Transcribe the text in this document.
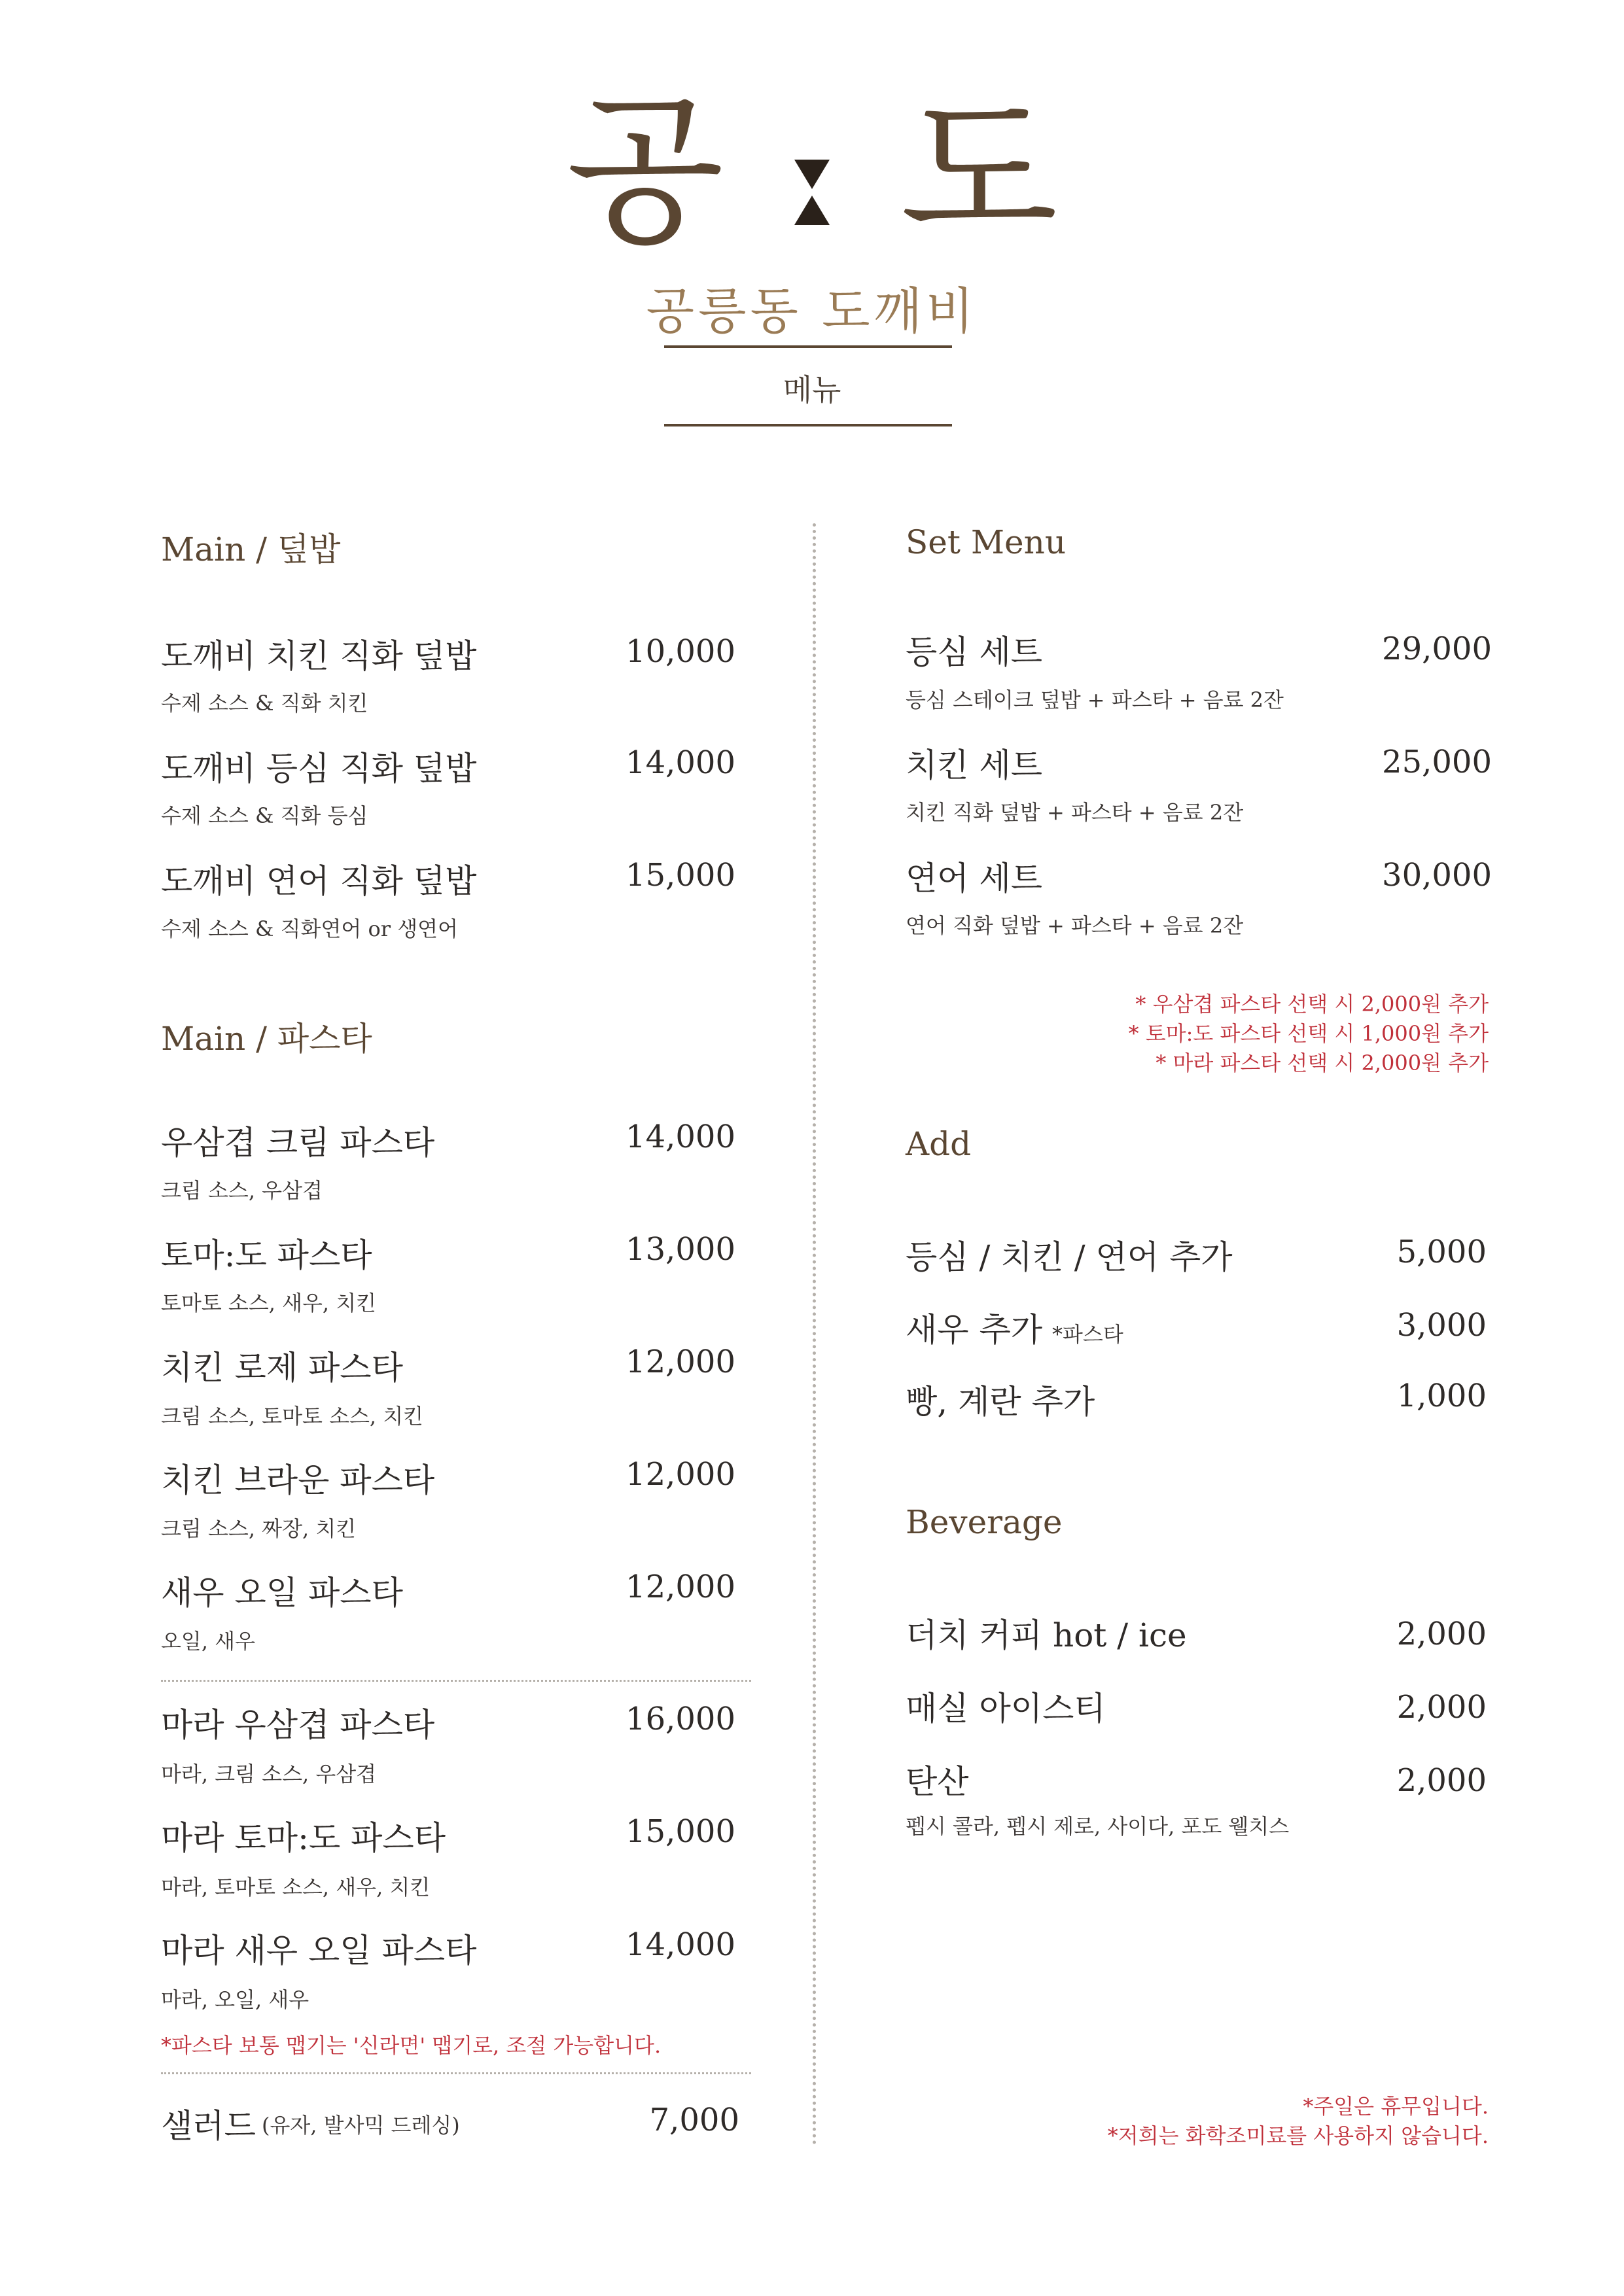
공 도
공릉동 도깨비
메뉴
Main / 덮밥
도깨비 치킨 직화 덮밥	10,000
수제 소스 & 직화 치킨
도깨비 등심 직화 덮밥	14,000
수제 소스 & 직화 등심
도깨비 연어 직화 덮밥	15,000
수제 소스 & 직화연어 or 생연어
Main / 파스타
우삼겹 크림 파스타	14,000
크림 소스, 우삼겹
토마:도 파스타	13,000
토마토 소스, 새우, 치킨
치킨 로제 파스타	12,000
크림 소스, 토마토 소스, 치킨
치킨 브라운 파스타	12,000
크림 소스, 짜장, 치킨
새우 오일 파스타	12,000
오일, 새우
마라 우삼겹 파스타	16,000
마라, 크림 소스, 우삼겹
마라 토마:도 파스타	15,000
마라, 토마토 소스, 새우, 치킨
마라 새우 오일 파스타	14,000
마라, 오일, 새우
*파스타 보통 맵기는 '신라면' 맵기로, 조절 가능합니다.
샐러드 (유자, 발사믹 드레싱)	7,000
Set Menu
등심 세트	29,000
등심 스테이크 덮밥 + 파스타 + 음료 2잔
치킨 세트	25,000
치킨 직화 덮밥 + 파스타 + 음료 2잔
연어 세트	30,000
연어 직화 덮밥 + 파스타 + 음료 2잔
* 우삼겹 파스타 선택 시 2,000원 추가
* 토마:도 파스타 선택 시 1,000원 추가
* 마라 파스타 선택 시 2,000원 추가
Add
등심 / 치킨 / 연어 추가	5,000
새우 추가 *파스타	3,000
빵, 계란 추가	1,000
Beverage
더치 커피 hot / ice	2,000
매실 아이스티	2,000
탄산	2,000
펩시 콜라, 펩시 제로, 사이다, 포도 웰치스
*주일은 휴무입니다.
*저희는 화학조미료를 사용하지 않습니다.
